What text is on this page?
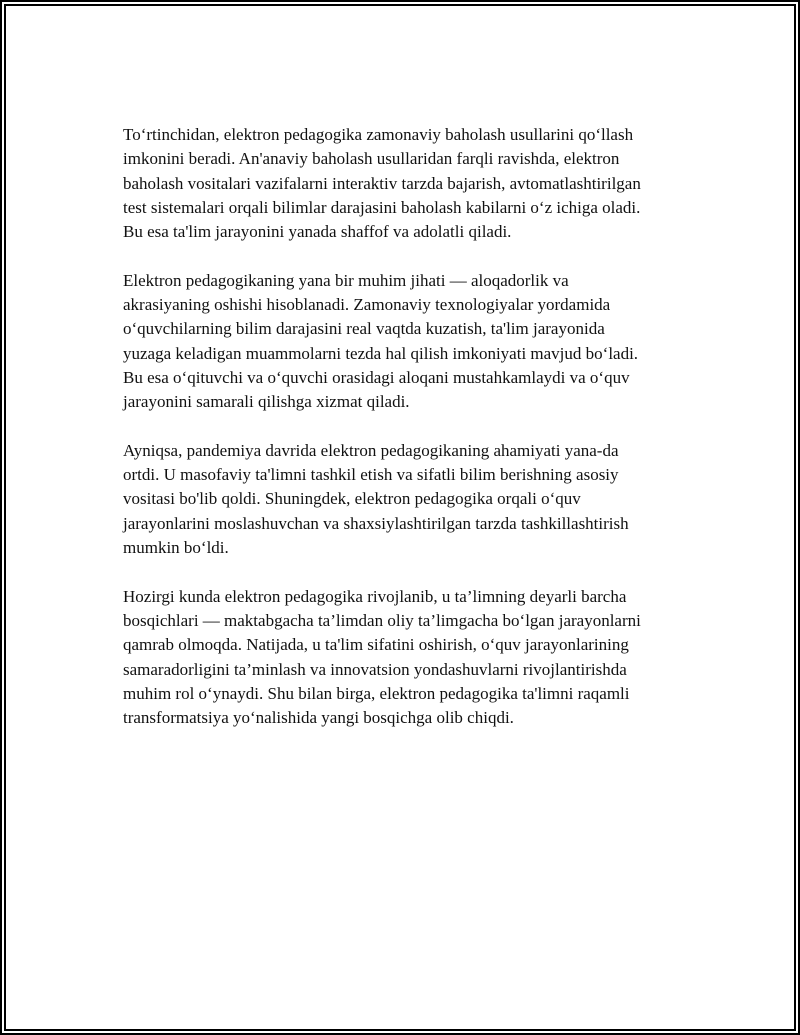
To‘rtinchidan, elektron pedagogika zamonaviy baholash usullarini qo‘llash
imkonini beradi. An'anaviy baholash usullaridan farqli ravishda, elektron
baholash vositalari vazifalarni interaktiv tarzda bajarish, avtomatlashtirilgan
test sistemalari orqali bilimlar darajasini baholash kabilarni o‘z ichiga oladi.
Bu esa ta'lim jarayonini yanada shaffof va adolatli qiladi.

Elektron pedagogikaning yana bir muhim jihati — aloqadorlik va
akrasiyaning oshishi hisoblanadi. Zamonaviy texnologiyalar yordamida
o‘quvchilarning bilim darajasini real vaqtda kuzatish, ta'lim jarayonida
yuzaga keladigan muammolarni tezda hal qilish imkoniyati mavjud bo‘ladi.
Bu esa o‘qituvchi va o‘quvchi orasidagi aloqani mustahkamlaydi va o‘quv
jarayonini samarali qilishga xizmat qiladi.

Ayniqsa, pandemiya davrida elektron pedagogikaning ahamiyati yana-da
ortdi. U masofaviy ta'limni tashkil etish va sifatli bilim berishning asosiy
vositasi bo'lib qoldi. Shuningdek, elektron pedagogika orqali o‘quv
jarayonlarini moslashuvchan va shaxsiylashtirilgan tarzda tashkillashtirish
mumkin bo‘ldi.

Hozirgi kunda elektron pedagogika rivojlanib, u ta’limning deyarli barcha
bosqichlari — maktabgacha ta’limdan oliy ta’limgacha bo‘lgan jarayonlarni
qamrab olmoqda. Natijada, u ta'lim sifatini oshirish, o‘quv jarayonlarining
samaradorligini ta’minlash va innovatsion yondashuvlarni rivojlantirishda
muhim rol o‘ynaydi. Shu bilan birga, elektron pedagogika ta'limni raqamli
transformatsiya yo‘nalishida yangi bosqichga olib chiqdi.
